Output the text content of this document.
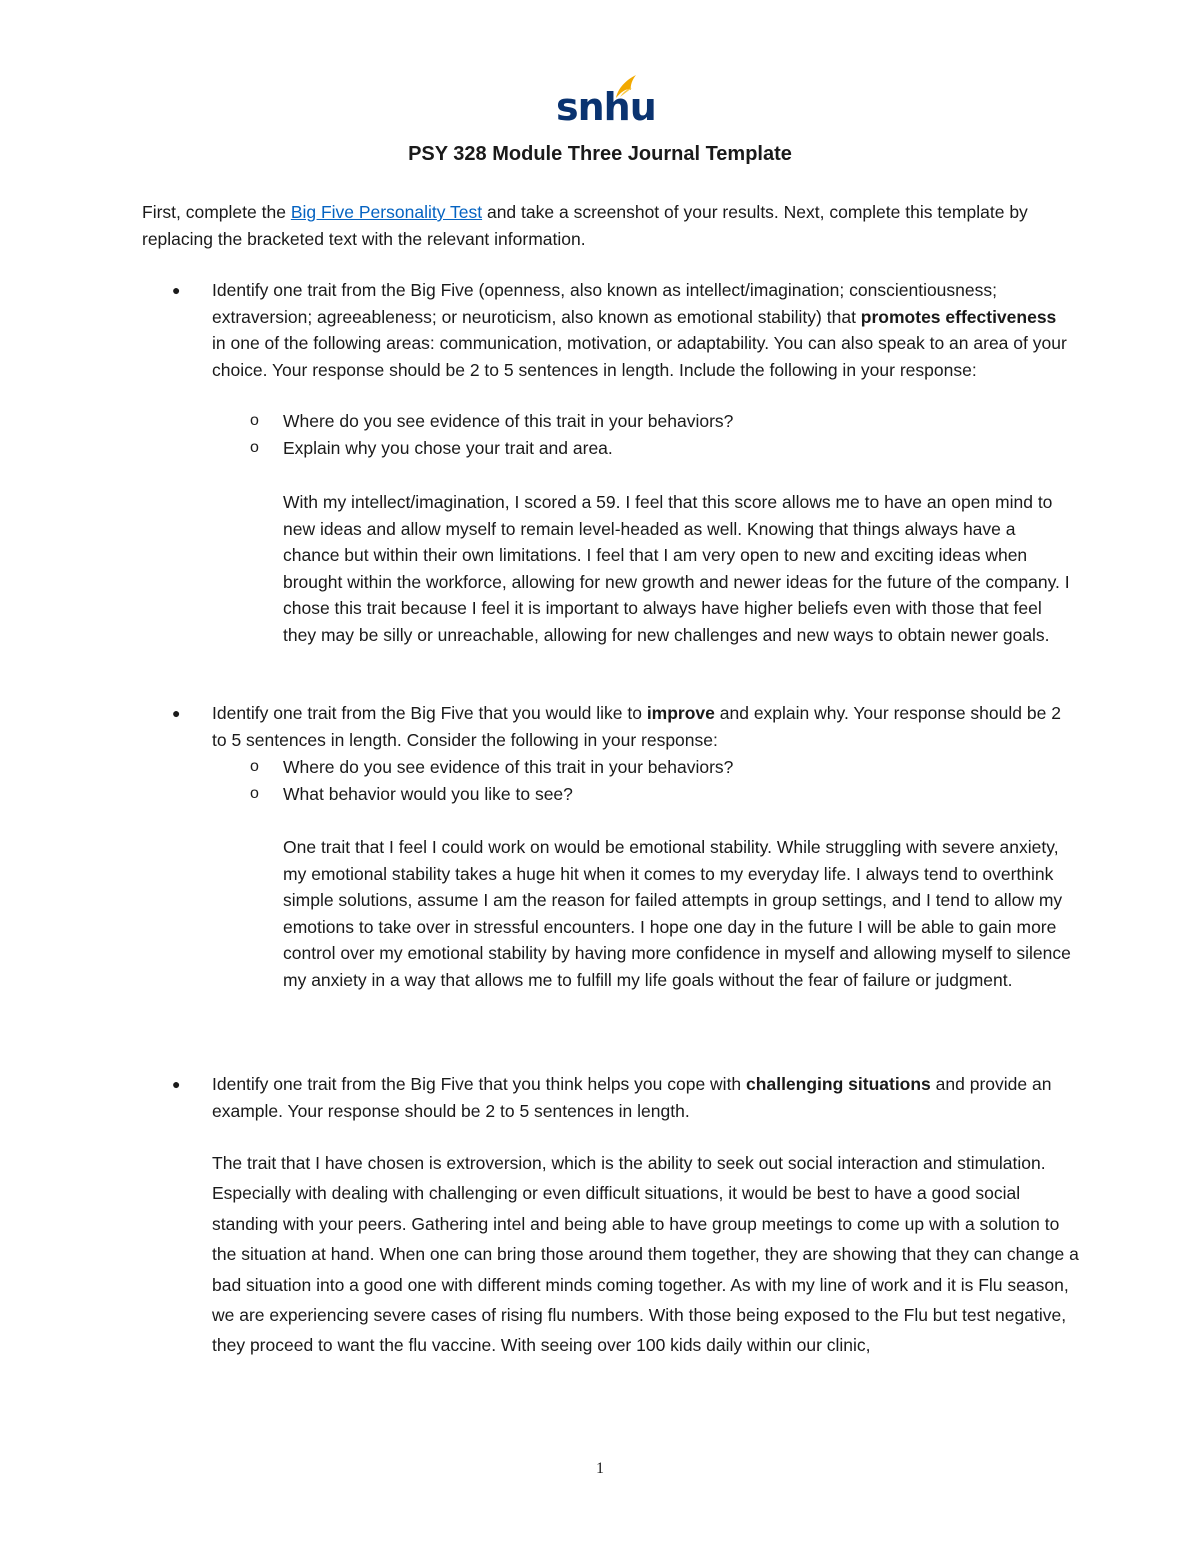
snhu

PSY 328 Module Three Journal Template

First, complete the Big Five Personality Test and take a screenshot of your results. Next, complete this template by replacing the bracketed text with the relevant information.

● Identify one trait from the Big Five (openness, also known as intellect/imagination; conscientiousness; extraversion; agreeableness; or neuroticism, also known as emotional stability) that promotes effectiveness in one of the following areas: communication, motivation, or adaptability. You can also speak to an area of your choice. Your response should be 2 to 5 sentences in length. Include the following in your response:

o Where do you see evidence of this trait in your behaviors?

o Explain why you chose your trait and area.

With my intellect/imagination, I scored a 59. I feel that this score allows me to have an open mind to new ideas and allow myself to remain level-headed as well. Knowing that things always have a chance but within their own limitations. I feel that I am very open to new and exciting ideas when brought within the workforce, allowing for new growth and newer ideas for the future of the company. I chose this trait because I feel it is important to always have higher beliefs even with those that feel they may be silly or unreachable, allowing for new challenges and new ways to obtain newer goals.

● Identify one trait from the Big Five that you would like to improve and explain why. Your response should be 2 to 5 sentences in length. Consider the following in your response:

o Where do you see evidence of this trait in your behaviors?

o What behavior would you like to see?

One trait that I feel I could work on would be emotional stability. While struggling with severe anxiety, my emotional stability takes a huge hit when it comes to my everyday life. I always tend to overthink simple solutions, assume I am the reason for failed attempts in group settings, and I tend to allow my emotions to take over in stressful encounters. I hope one day in the future I will be able to gain more control over my emotional stability by having more confidence in myself and allowing myself to silence my anxiety in a way that allows me to fulfill my life goals without the fear of failure or judgment.

● Identify one trait from the Big Five that you think helps you cope with challenging situations and provide an example. Your response should be 2 to 5 sentences in length.

The trait that I have chosen is extroversion, which is the ability to seek out social interaction and stimulation. Especially with dealing with challenging or even difficult situations, it would be best to have a good social standing with your peers. Gathering intel and being able to have group meetings to come up with a solution to the situation at hand. When one can bring those around them together, they are showing that they can change a bad situation into a good one with different minds coming together. As with my line of work and it is Flu season, we are experiencing severe cases of rising flu numbers. With those being exposed to the Flu but test negative, they proceed to want the flu vaccine. With seeing over 100 kids daily within our clinic,

1
